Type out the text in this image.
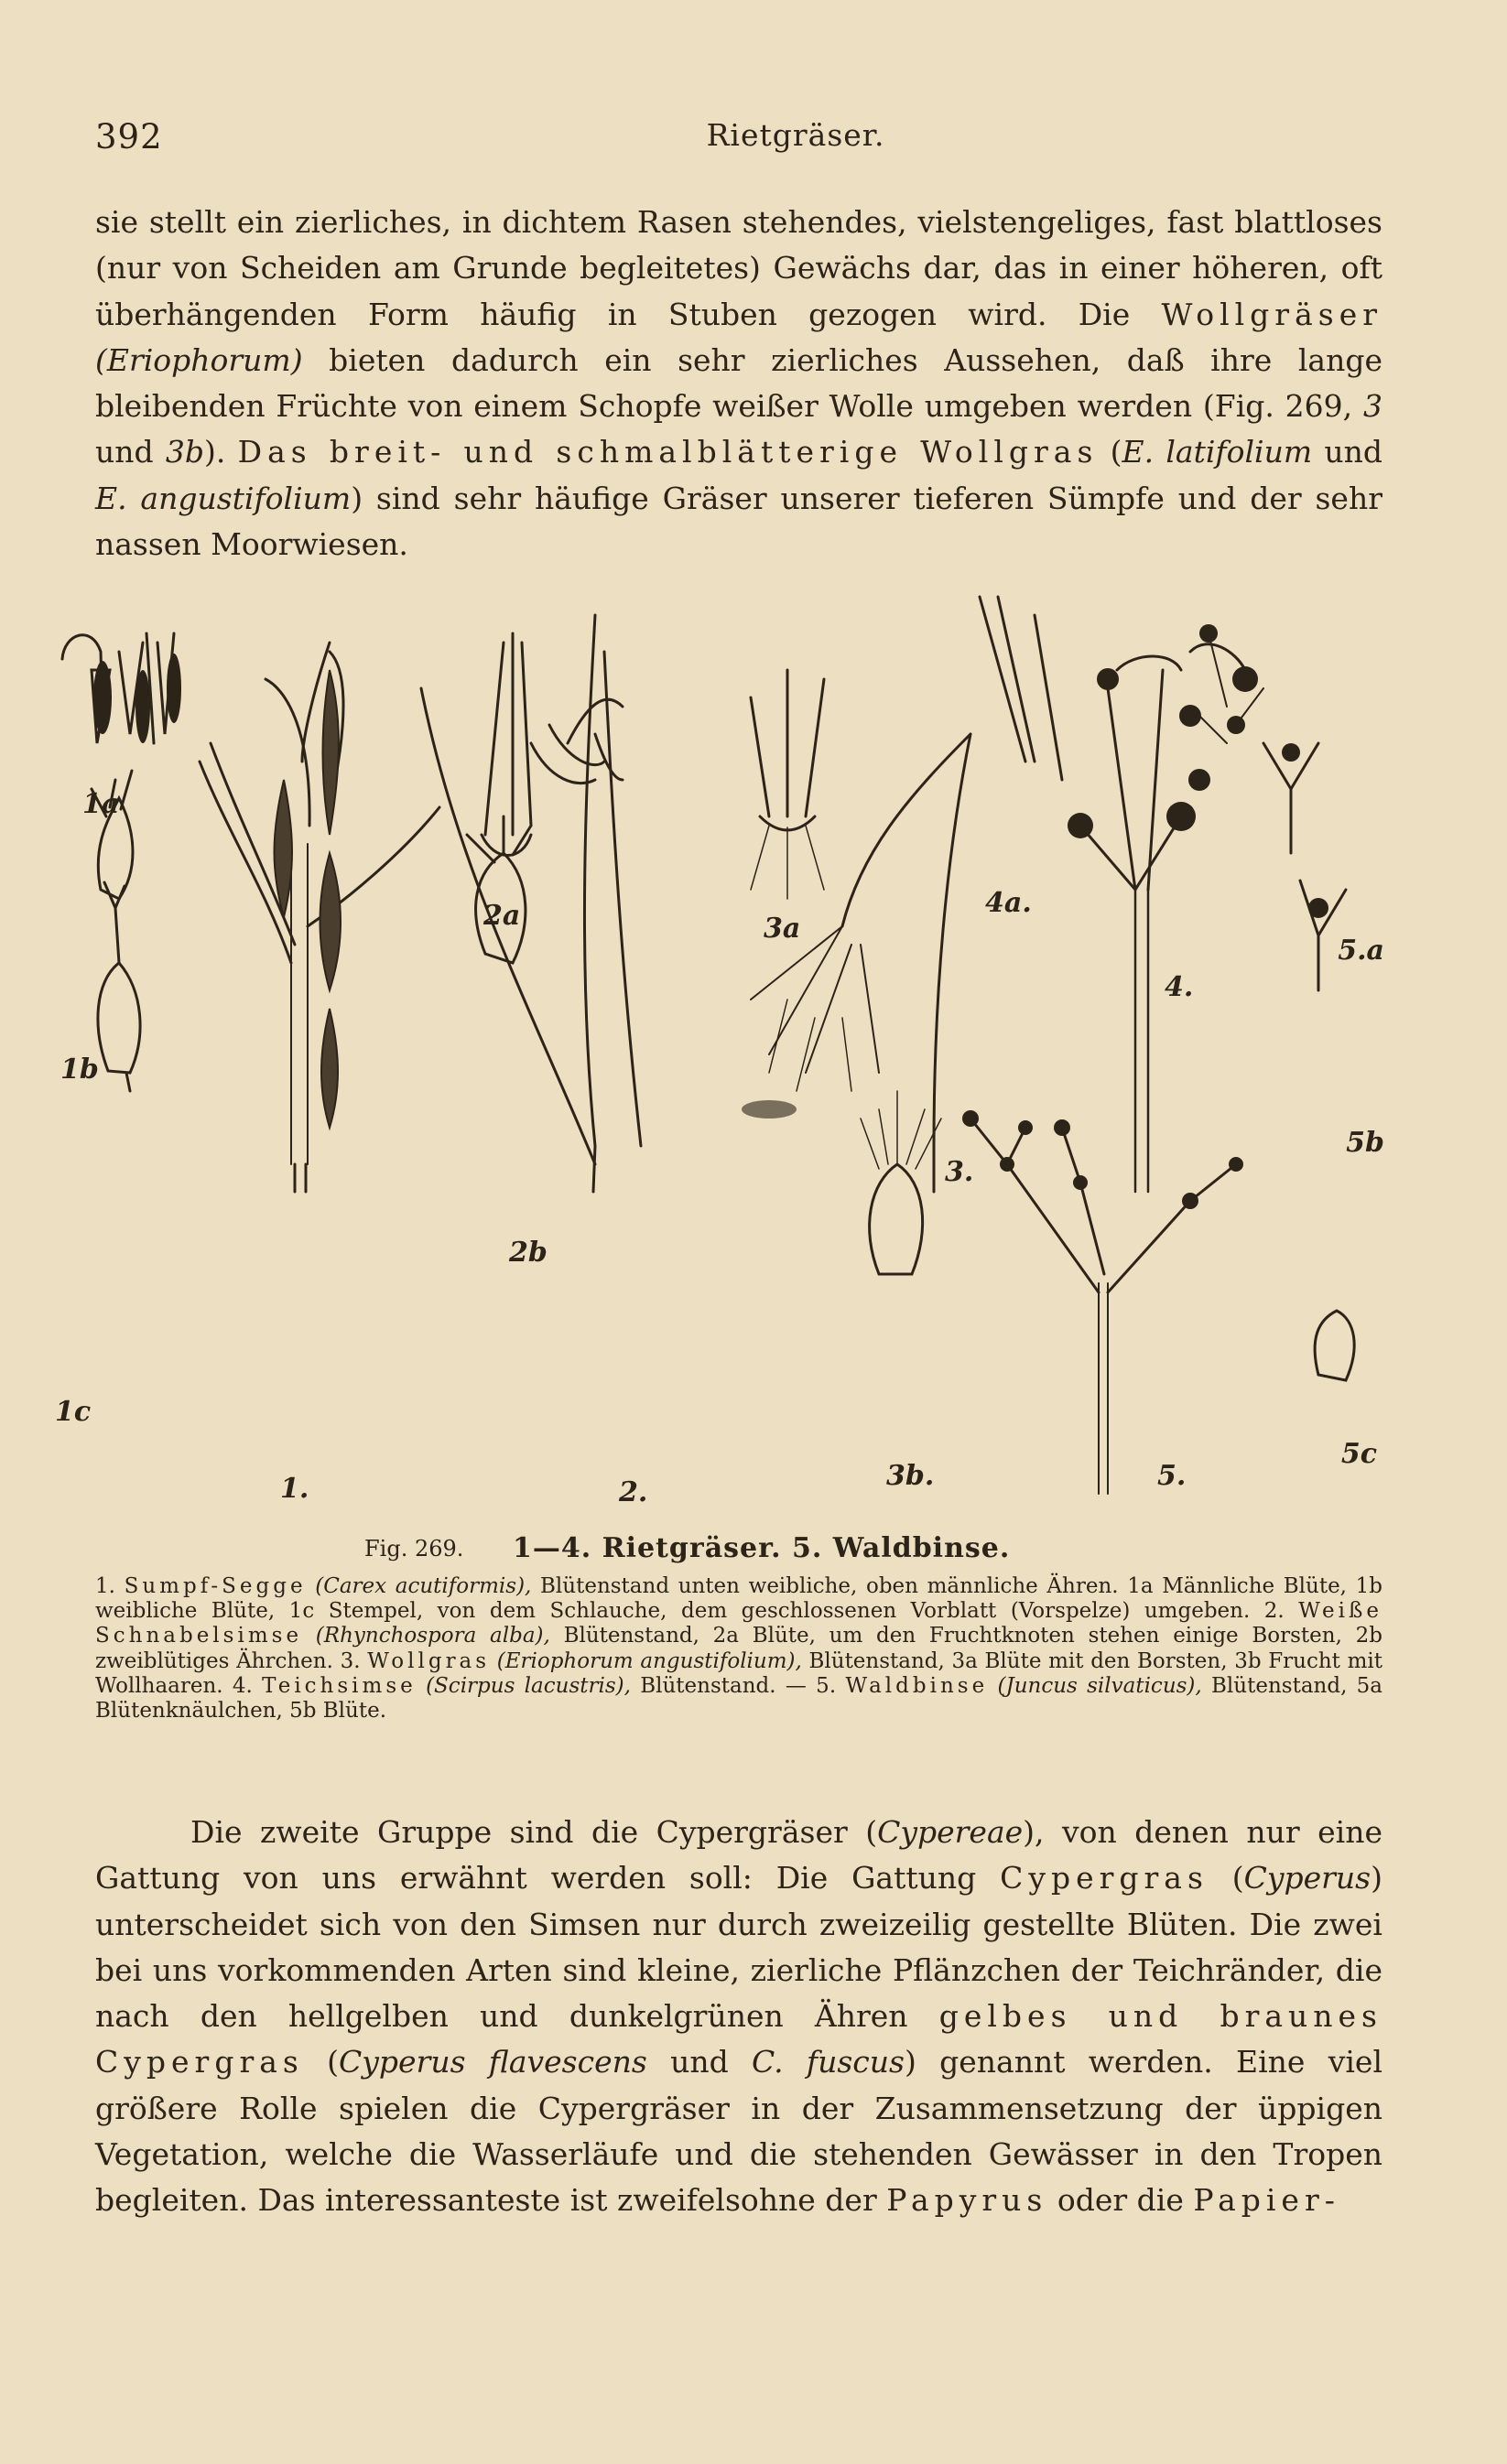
392	Rietgräser.

sie stellt ein zierliches, in dichtem Rasen stehendes, vielstengeliges, fast blattloses (nur von Scheiden am Grunde begleitetes) Gewächs dar, das in einer höheren, oft überhängenden Form häufig in Stuben gezogen wird. Die Wollgräser (Eriophorum) bieten dadurch ein sehr zierliches Aussehen, daß ihre lange bleibenden Früchte von einem Schopfe weißer Wolle umgeben werden (Fig. 269, 3 und 3b). Das breit- und schmalblätterige Wollgras (E. latifolium und E. angustifolium) sind sehr häufige Gräser unserer tieferen Sümpfe und der sehr nassen Moorwiesen.

1a
1b
1c
1.
2a
2b
2.
3a
3.
3b.
4a.
4.
5.a
5b
5c
5.
Fig. 269. 1—4. Rietgräser. 5. Waldbinse.

1. Sumpf-Segge (Carex acutiformis), Blütenstand unten weibliche, oben männliche Ähren. 1a Männliche Blüte, 1b weibliche Blüte, 1c Stempel, von dem Schlauche, dem geschlossenen Vorblatt (Vorspelze) umgeben. 2. Weiße Schnabelsimse (Rhynchospora alba), Blütenstand, 2a Blüte, um den Fruchtknoten stehen einige Borsten, 2b zweiblütiges Ährchen. 3. Wollgras (Eriophorum angustifolium), Blütenstand, 3a Blüte mit den Borsten, 3b Frucht mit Wollhaaren. 4. Teichsimse (Scirpus lacustris), Blütenstand. — 5. Waldbinse (Juncus silvaticus), Blütenstand, 5a Blütenknäulchen, 5b Blüte.

Die zweite Gruppe sind die Cypergräser (Cypereae), von denen nur eine Gattung von uns erwähnt werden soll: Die Gattung Cypergras (Cyperus) unterscheidet sich von den Simsen nur durch zweizeilig gestellte Blüten. Die zwei bei uns vorkommenden Arten sind kleine, zierliche Pflänzchen der Teichränder, die nach den hellgelben und dunkelgrünen Ähren gelbes und braunes Cypergras (Cyperus flavescens und C. fuscus) genannt werden. Eine viel größere Rolle spielen die Cypergräser in der Zusammensetzung der üppigen Vegetation, welche die Wasserläufe und die stehenden Gewässer in den Tropen begleiten. Das interessanteste ist zweifelsohne der Papyrus oder die Papier-
